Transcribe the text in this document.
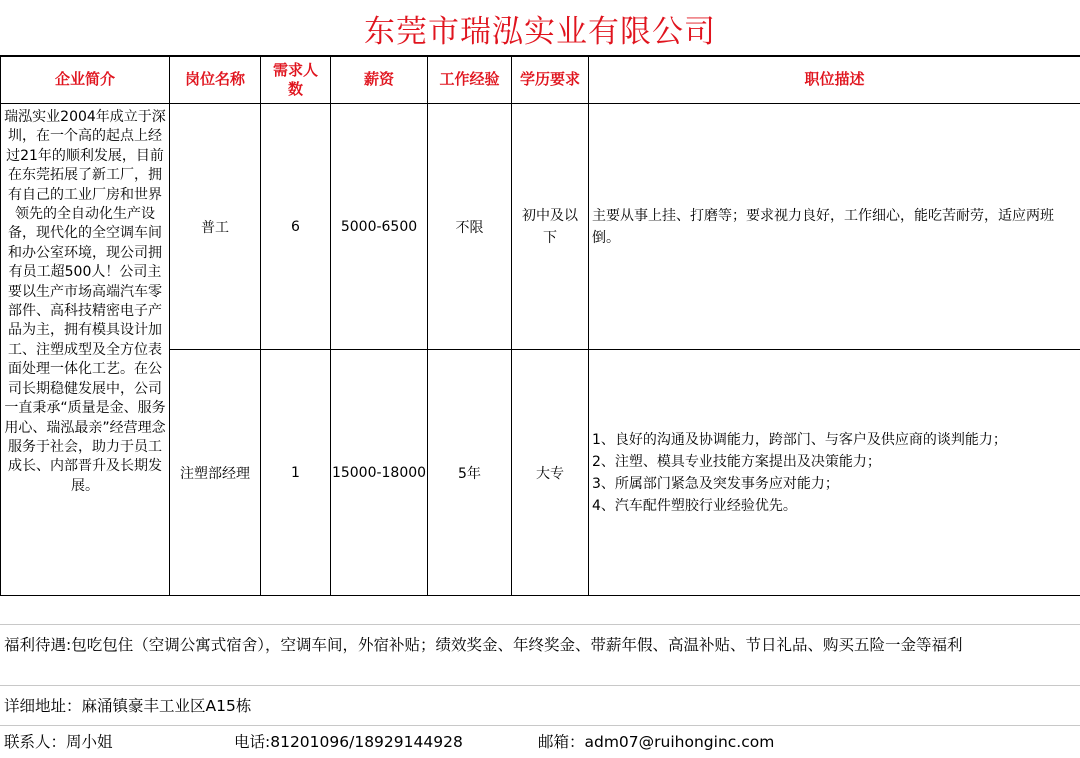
东莞市瑞泓实业有限公司
企业简介	岗位名称	需求人数	薪资	工作经验	学历要求	职位描述
瑞泓实业2004年成立于深圳，在一个高的起点上经过21年的顺利发展，目前在东莞拓展了新工厂，拥有自己的工业厂房和世界领先的全自动化生产设备，现代化的全空调车间和办公室环境，现公司拥有员工超500人！公司主要以生产市场高端汽车零部件、高科技精密电子产品为主，拥有模具设计加工、注塑成型及全方位表面处理一体化工艺。在公司长期稳健发展中，公司一直秉承“质量是金、服务用心、瑞泓最亲”经营理念服务于社会，助力于员工成长、内部晋升及长期发展。	普工	6	5000-6500	不限	初中及以下	主要从事上挂、打磨等；要求视力良好，工作细心，能吃苦耐劳，适应两班倒。

	注塑部经理	1	15000-18000	5年	大专	1、良好的沟通及协调能力，跨部门、与客户及供应商的谈判能力；
2、注塑、模具专业技能方案提出及决策能力；
3、所属部门紧急及突发事务应对能力；
4、汽车配件塑胶行业经验优先。
福利待遇:包吃包住（空调公寓式宿舍），空调车间，外宿补贴；绩效奖金、年终奖金、带薪年假、高温补贴、节日礼品、购买五险一金等福利
详细地址：麻涌镇豪丰工业区A15栋
联系人：周小姐	电话:81201096/18929144928	邮箱：adm07@ruihonginc.com
